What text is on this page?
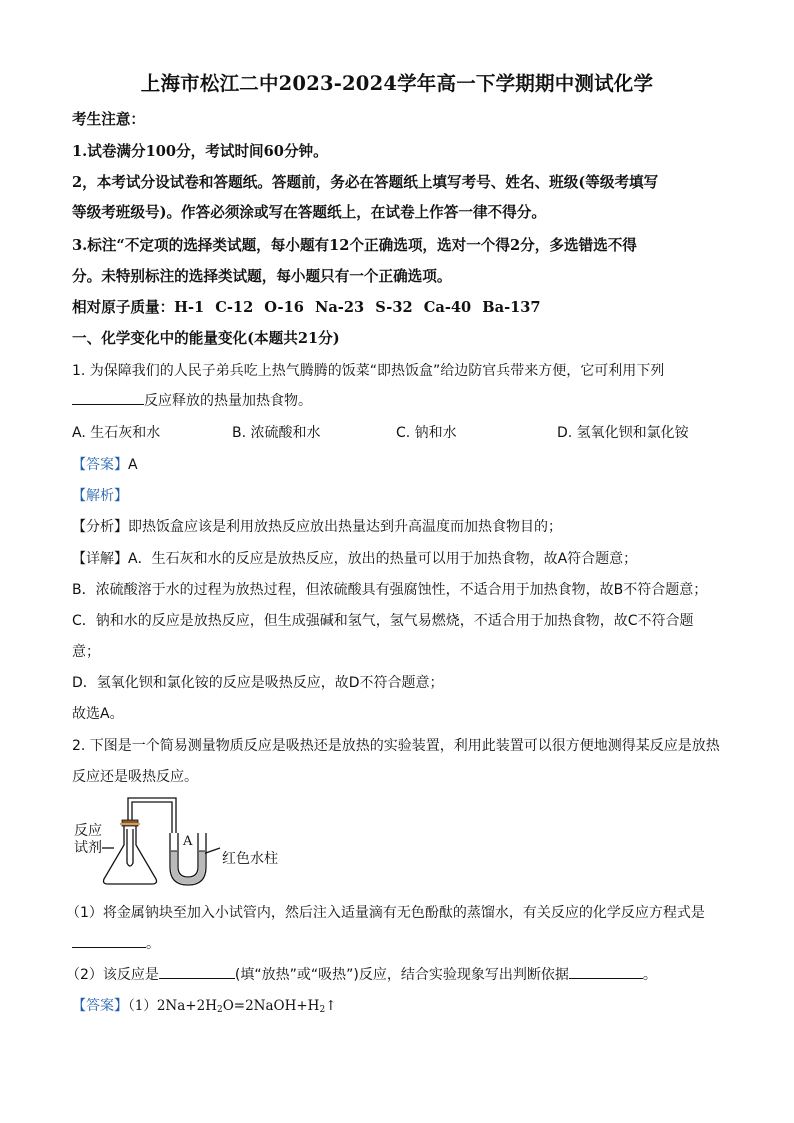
上海市松江二中2023-2024学年高一下学期期中测试化学
考生注意：
1.试卷满分100分，考试时间60分钟。
2，本考试分设试卷和答题纸。答题前，务必在答题纸上填写考号、姓名、班级(等级考填写
等级考班级号)。作答必须涂或写在答题纸上，在试卷上作答一律不得分。
3.标注“不定项的选择类试题，每小题有12个正确选项，选对一个得2分，多选错选不得
分。未特别标注的选择类试题，每小题只有一个正确选项。
相对原子质量：H-1 C-12 O-16 Na-23 S-32 Ca-40 Ba-137
一、化学变化中的能量变化(本题共21分)
1. 为保障我们的人民子弟兵吃上热气腾腾的饭菜“即热饭盒”给边防官兵带来方便，它可利用下列
反应释放的热量加热食物。
A. 生石灰和水	B. 浓硫酸和水	C. 钠和水	D. 氢氧化钡和氯化铵
【答案】A
【解析】
【分析】即热饭盒应该是利用放热反应放出热量达到升高温度而加热食物目的；
【详解】A．生石灰和水的反应是放热反应，放出的热量可以用于加热食物，故A符合题意；
B．浓硫酸溶于水的过程为放热过程，但浓硫酸具有强腐蚀性，不适合用于加热食物，故B不符合题意；
C．钠和水的反应是放热反应，但生成强碱和氢气，氢气易燃烧，不适合用于加热食物，故C不符合题
意；
D．氢氧化钡和氯化铵的反应是吸热反应，故D不符合题意；
故选A。
2. 下图是一个简易测量物质反应是吸热还是放热的实验装置，利用此装置可以很方便地测得某反应是放热
反应还是吸热反应。
反应
试剂	A
红色水柱
（1）将金属钠块至加入小试管内，然后注入适量滴有无色酚酞的蒸馏水，有关反应的化学反应方程式是
。
（2）该反应是	(填“放热”或“吸热”)反应，结合实验现象写出判断依据	。
【答案】$(1)2Na+2H_2O=2NaOH+H_2↑$
